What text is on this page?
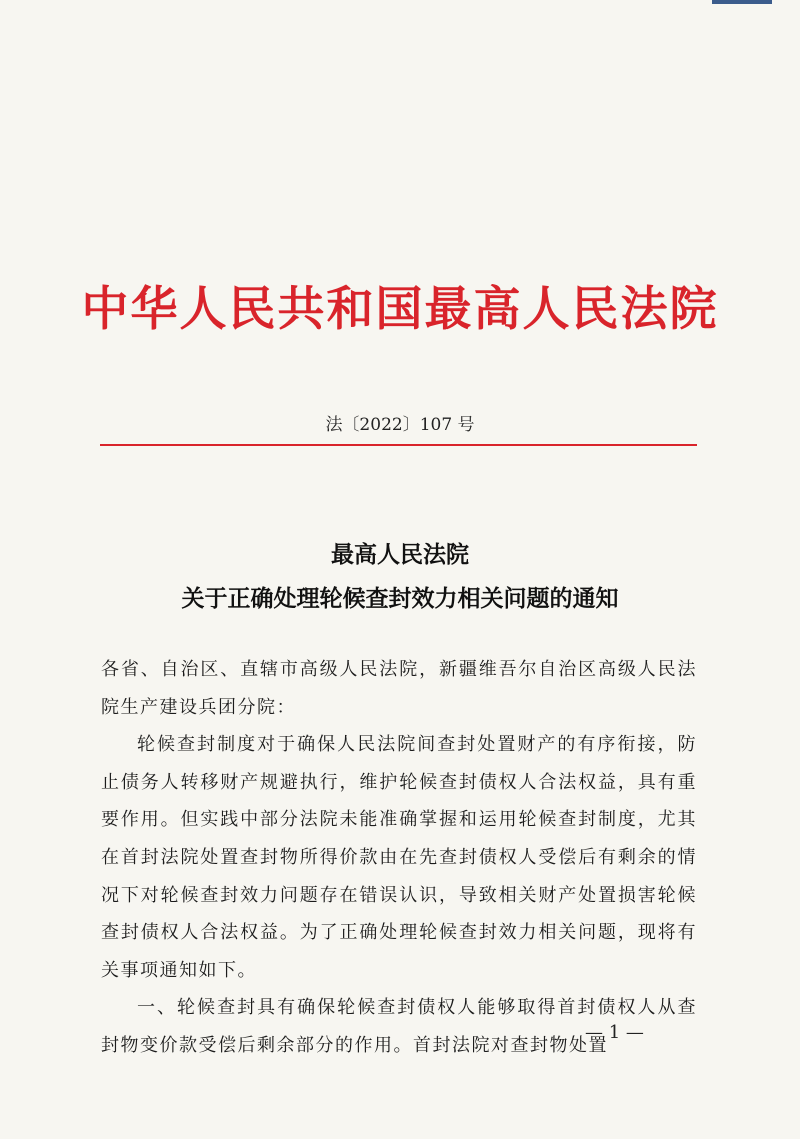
中华人民共和国最高人民法院
法〔2022〕107 号
最高人民法院
关于正确处理轮候查封效力相关问题的通知

各省、自治区、直辖市高级人民法院，新疆维吾尔自治区高级人民法院生产建设兵团分院：

轮候查封制度对于确保人民法院间查封处置财产的有序衔接，防止债务人转移财产规避执行，维护轮候查封债权人合法权益，具有重要作用。但实践中部分法院未能准确掌握和运用轮候查封制度，尤其在首封法院处置查封物所得价款由在先查封债权人受偿后有剩余的情况下对轮候查封效力问题存在错误认识，导致相关财产处置损害轮候查封债权人合法权益。为了正确处理轮候查封效力相关问题，现将有关事项通知如下。

一、轮候查封具有确保轮候查封债权人能够取得首封债权人从查封物变价款受偿后剩余部分的作用。首封法院对查封物处置

— 1 —
